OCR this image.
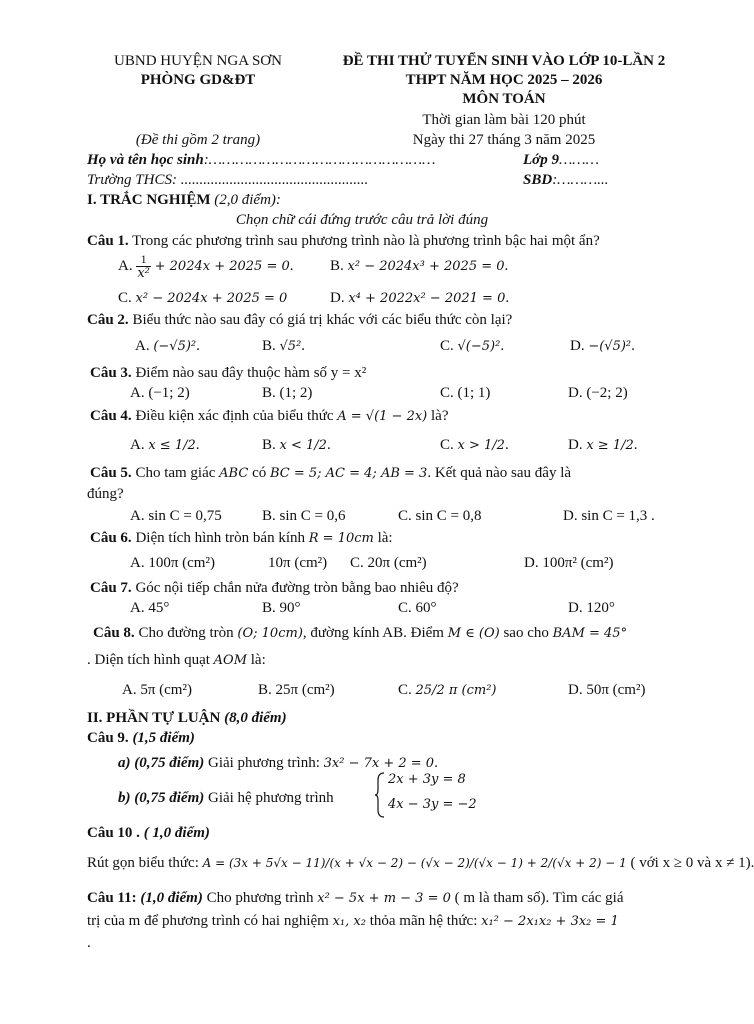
UBND HUYỆN NGA SƠN
PHÒNG GD&ĐT
ĐỀ THI THỬ TUYỂN SINH VÀO LỚP 10-LẦN 2
THPT NĂM HỌC 2025 – 2026
MÔN TOÁN
Thời gian làm bài 120 phút
(Đề thi gồm 2 trang)	Ngày thi 27 tháng 3 năm 2025
Họ và tên học sinh:……………………………………………	Lớp 9………
Trường THCS: ..................................................	SBD:………...
I. TRẮC NGHIỆM (2,0 điểm):
Chọn chữ cái đứng trước câu trả lời đúng
Câu 1. Trong các phương trình sau phương trình nào là phương trình bậc hai một ẩn?
A. $\frac{1}{\text{x²}} + 2024x + 2025 = 0$. B. x² − 2024x³ + 2025 = 0.
C. x² − 2024x + 2025 = 0	D. x⁴ + 2022x² − 2021 = 0.
Câu 2. Biểu thức nào sau đây có giá trị khác với các biểu thức còn lại?
A. (−√5)².	B. √5².	C. √(−5)².	D. −(√5)².
Câu 3. Điểm nào sau đây thuộc hàm số y = x²
A. (−1; 2)	B. (1; 2)	C. (1; 1)	D. (−2; 2)
Câu 4. Điều kiện xác định của biểu thức A = √(1 − 2x) là?
A. x ≤ 1/2.	B. x < 1/2.	C. x > 1/2.	D. x ≥ 1/2.
Câu 5. Cho tam giác ABC có BC = 5; AC = 4; AB = 3. Kết quả nào sau đây là
đúng?
A. sin C = 0,75	B. sin C = 0,6	C. sin C = 0,8	D. sin C = 1,3 .
Câu 6. Diện tích hình tròn bán kính R = 10cm là:
A. 100π (cm²)	10π (cm²) C. 20π (cm²)	D. 100π² (cm²)
Câu 7. Góc nội tiếp chắn nửa đường tròn bằng bao nhiêu độ?
A. 45°	B. 90°	C. 60°	D. 120°
Câu 8. Cho đường tròn (O; 10cm), đường kính AB. Điểm M ∈ (O) sao cho BAM = 45°
. Diện tích hình quạt AOM là:
A. 5π (cm²)	B. 25π (cm²)	C. 25/2 π (cm²)	D. 50π (cm²)
II. PHẦN TỰ LUẬN (8,0 điểm)
Câu 9. (1,5 điểm)
a) (0,75 điểm) Giải phương trình: 3x² − 7x + 2 = 0.
b) (0,75 điểm) Giải hệ phương trình
2x + 3y = 8
4x − 3y = −2
Câu 10 . ( 1,0 điểm)
Rút gọn biểu thức: A = (3x + 5√x − 11)/(x + √x − 2) − (√x − 2)/(√x − 1) + 2/(√x + 2) − 1 ( với x ≥ 0 và x ≠ 1).
Câu 11: (1,0 điểm) Cho phương trình x² − 5x + m − 3 = 0 ( m là tham số). Tìm các giá
trị của m để phương trình có hai nghiệm x₁, x₂ thỏa mãn hệ thức: x₁² − 2x₁x₂ + 3x₂ = 1
.
